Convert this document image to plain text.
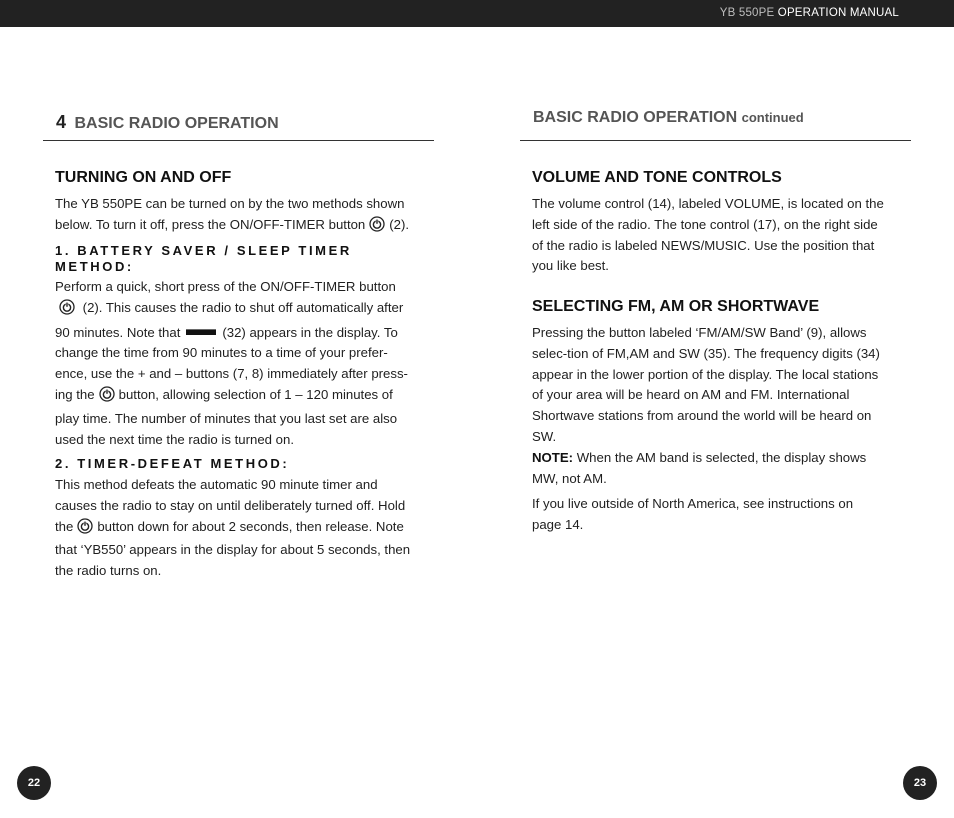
YB 550PE OPERATION MANUAL
4 BASIC RADIO OPERATION
TURNING ON AND OFF
The YB 550PE can be turned on by the two methods shown below. To turn it off, press the ON/OFF-TIMER button (2).
1. BATTERY SAVER / SLEEP TIMER METHOD:
Perform a quick, short press of the ON/OFF-TIMER button (2). This causes the radio to shut off automatically after 90 minutes. Note that	(32) appears in the display. To change the time from 90 minutes to a time of your prefer-ence, use the + and – buttons (7, 8) immediately after press-ing the button, allowing selection of 1 – 120 minutes of play time. The number of minutes that you last set are also used the next time the radio is turned on.
2. TIMER-DEFEAT METHOD:
This method defeats the automatic 90 minute timer and causes the radio to stay on until deliberately turned off. Hold the button down for about 2 seconds, then release. Note that ‘YB550’ appears in the display for about 5 seconds, then the radio turns on.
22
BASIC RADIO OPERATION continued
VOLUME AND TONE CONTROLS
The volume control (14), labeled VOLUME, is located on the left side of the radio. The tone control (17), on the right side of the radio is labeled NEWS/MUSIC. Use the position that you like best.
SELECTING FM, AM OR SHORTWAVE
Pressing the button labeled ‘FM/AM/SW Band’ (9), allows selec-tion of FM,AM and SW (35). The frequency digits (34) appear in the lower portion of the display. The local stations of your area will be heard on AM and FM. International Shortwave stations from around the world will be heard on SW.
NOTE: When the AM band is selected, the display shows MW, not AM.
If you live outside of North America, see instructions on page 14.
23
